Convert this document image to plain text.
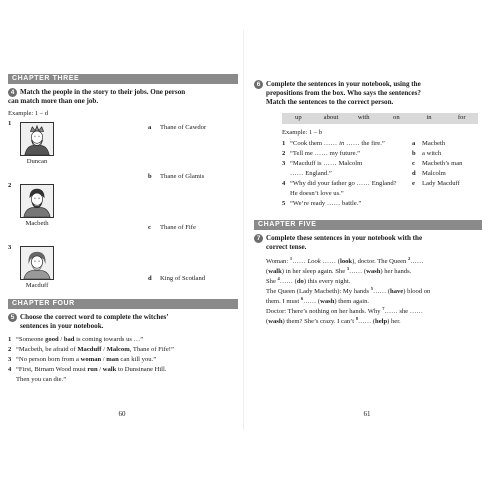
CHAPTER THREE
4 Match the people in the story to their jobs. One person
can match more than one job.
Example: 1 – d
1
Duncan
2
Macbeth
3
Macduff
a Thane of Cawdor
b Thane of Glamis
c Thane of Fife
d King of Scotland
CHAPTER FOUR
5 Choose the correct word to complete the witches’
sentences in your notebook.
1 “Someone good / bad is coming towards us …”
2 “Macbeth, be afraid of Macduff / Malcom, Thane of Fife!”
3 “No person born from a woman / man can kill you.”
4 “First, Birnam Wood must run / walk to Dunsinane Hill.
Then you can die.”
60
6 Complete the sentences in your notebook, using the
prepositions from the box. Who says the sentences?
Match the sentences to the correct person.
up	about	with	on	in	for
Example: 1 – b
1 “Cook them …… in …… the fire.”
2 “Tell me …… my future.”
3 “Macduff is …… Malcolm
…… England.”
4 “Why did your father go …… England?
He doesn’t love us.”
5 “We’re ready …… battle.”
a Macbeth
b a witch
c Macbeth’s man
d Malcolm
e Lady Macduff
CHAPTER FIVE
7 Complete these sentences in your notebook with the
correct tense.
Woman: $^1$…… Look …… (look), doctor. The Queen $^2$……
(walk) in her sleep again. She $^3$…… (wash) her hands.
She $^4$…… (do) this every night.
The Queen (Lady Macbeth): My hands $^5$…… (have) blood on
them. I must $^6$…… (wash) them again.
Doctor: There’s nothing on her hands. Why $^7$…… she ……
(wash) them? She’s crazy. I can’t $^8$…… (help) her.
61
